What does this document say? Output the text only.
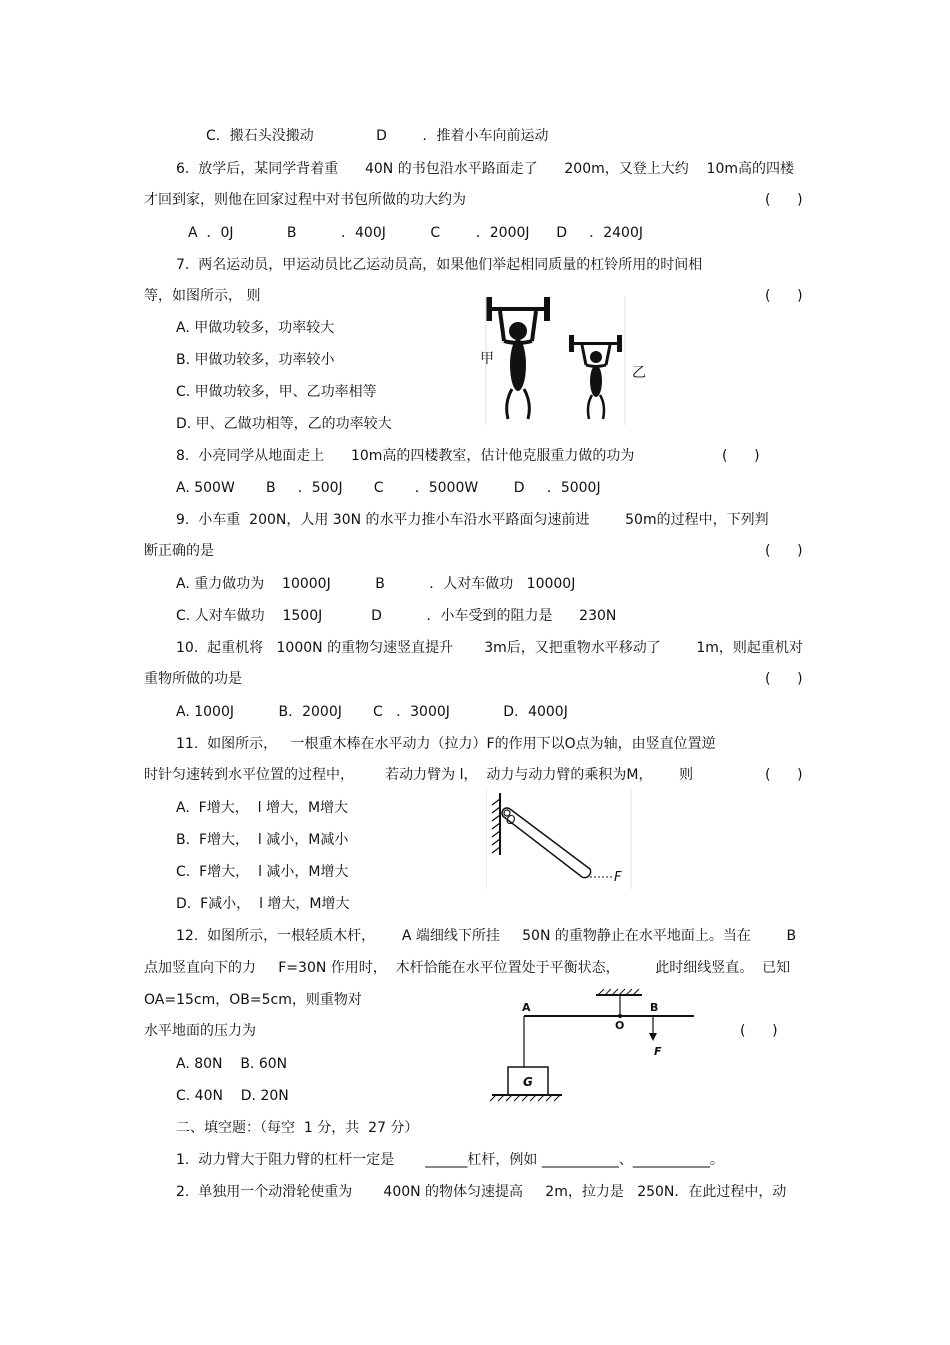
C．搬石头没搬动              D        ．推着小车向前运动
6.  放学后，某同学背着重      40N 的书包沿水平路面走了      200m，又登上大约    10m高的四楼
才回到家，则他在回家过程中对书包所做的功大约为	(      )
A  ．0J            B          ．400J          C        ．2000J      D     ．2400J
7.  两名运动员，甲运动员比乙运动员高，如果他们举起相同质量的杠铃所用的时间相
等，如图所示， 则	(      )
A. 甲做功较多，功率较大
B. 甲做功较多，功率较小
C. 甲做功较多，甲、乙功率相等
D. 甲、乙做功相等，乙的功率较大
8.  小亮同学从地面走上      10m高的四楼教室，估计他克服重力做的功为	(      )
A. 500W       B     ．500J       C       ．5000W        D     ．5000J
9.  小车重  200N，人用 30N 的水平力推小车沿水平路面匀速前进        50m的过程中，下列判
断正确的是	(      )
A. 重力做功为    10000J          B          ．人对车做功   10000J
C. 人对车做功    1500J           D          ．小车受到的阻力是      230N
10.  起重机将   1000N 的重物匀速竖直提升       3m后，又把重物水平移动了        1m，则起重机对
重物所做的功是	(      )
A. 1000J          B．2000J       C   ．3000J            D．4000J
11.  如图所示，   一根重木棒在水平动力（拉力）F的作用下以O点为轴，由竖直位置逆
时针匀速转到水平位置的过程中，       若动力臂为 l，  动力与动力臂的乘积为M，      则	(      )
A.  F增大，  l 增大，M增大
B.  F增大，  l 减小，M减小
C.  F增大，  l 减小，M增大
D.  F减小，  l 增大，M增大
12.  如图所示，一根轻质木杆，      A 端细线下所挂     50N 的重物静止在水平地面上。当在        B
点加竖直向下的力     F=30N 作用时，  木杆恰能在水平位置处于平衡状态，        此时细线竖直。  已知
OA=15cm，OB=5cm，则重物对
水平地面的压力为	(      )
A. 80N    B. 60N
C. 40N    D. 20N
二、填空题：（每空  1 分，共  27 分）
1.  动力臂大于阻力臂的杠杆一定是       ______杠杆，例如 ___________、___________。
2.  单独用一个动滑轮使重为       400N 的物体匀速提高     2m，拉力是   250N．在此过程中，动
甲
乙
O
F
A
O
B
F
G
